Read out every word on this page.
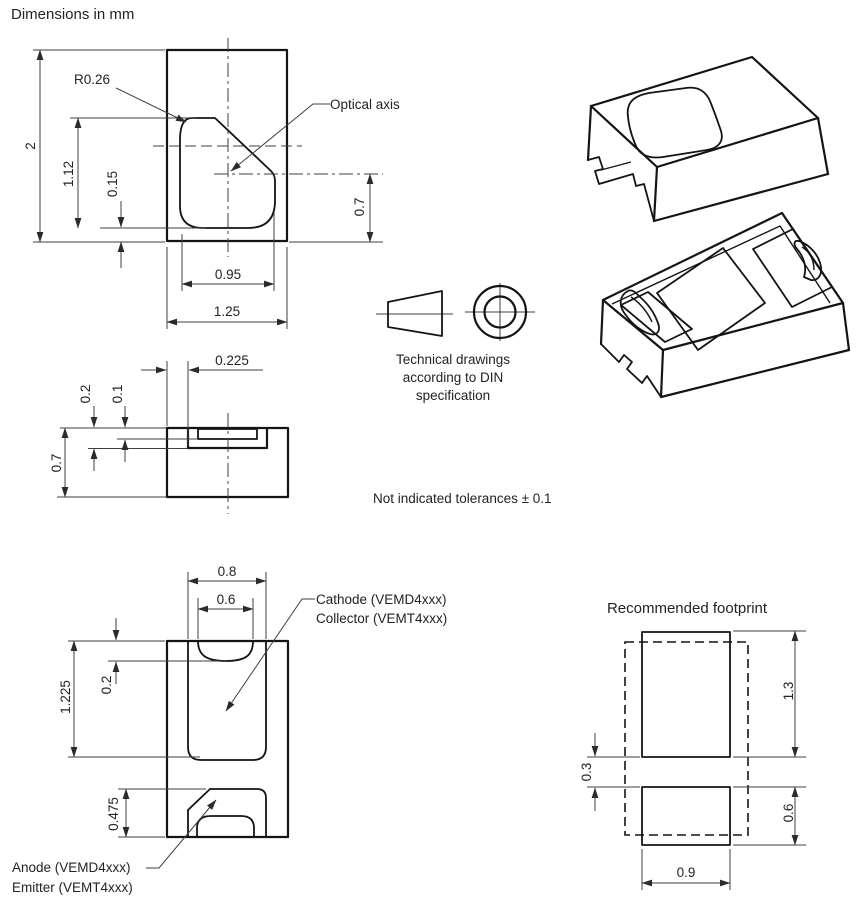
Dimensions in mm
2
1.12 0.15
0.7
0.95
1.25
R0.26
Optical axis
0.225
0.2 0.1
0.7
Technical drawings
according to DIN
specification
Not indicated tolerances ± 0.1
0.8
0.6
1.225 0.2
0.475
Cathode (VEMD4xxx)
Collector (VEMT4xxx)
Anode (VEMD4xxx)
Emitter (VEMT4xxx)
Recommended footprint
1.3
0.6
0.3
0.9
